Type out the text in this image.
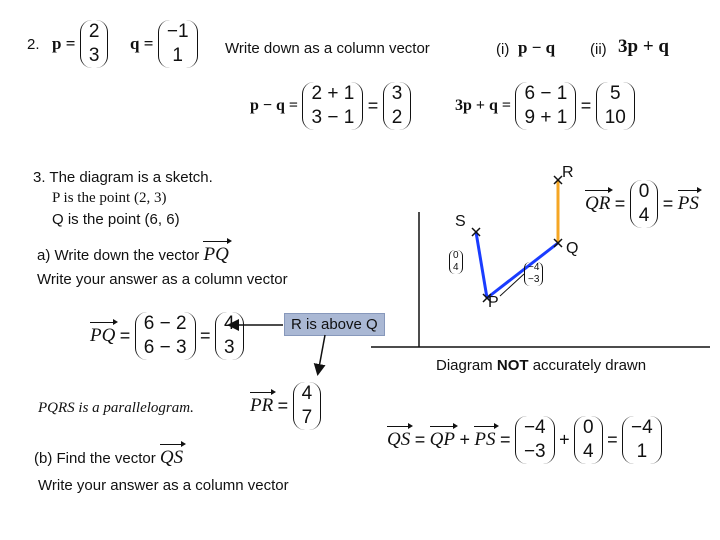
2. p =
2
3
q =
−1
1	Write down as a column vector	(i) p − q (ii) 3p + q
p − q =
2 + 1
3 − 1
=
3
2
3p + q =
6 − 1
9 + 1
=
5
10
3. The diagram is a sketch.
P is the point (2, 3)
Q is the point (6, 6)
a) Write down the vector PQ
Write your answer as a column vector
PQ =
6 − 2
6 − 3
=
4
3
R is above Q
Diagram NOT accurately drawn
PQRS is a parallelogram.	PR =
4
7
(b) Find the vector QS
Write your answer as a column vector
QR =
0
4
= PS
QS = QP + PS =
−4
−3
+
0
4
=
−4
1
R
S
Q
P
0
4	−4
−3
